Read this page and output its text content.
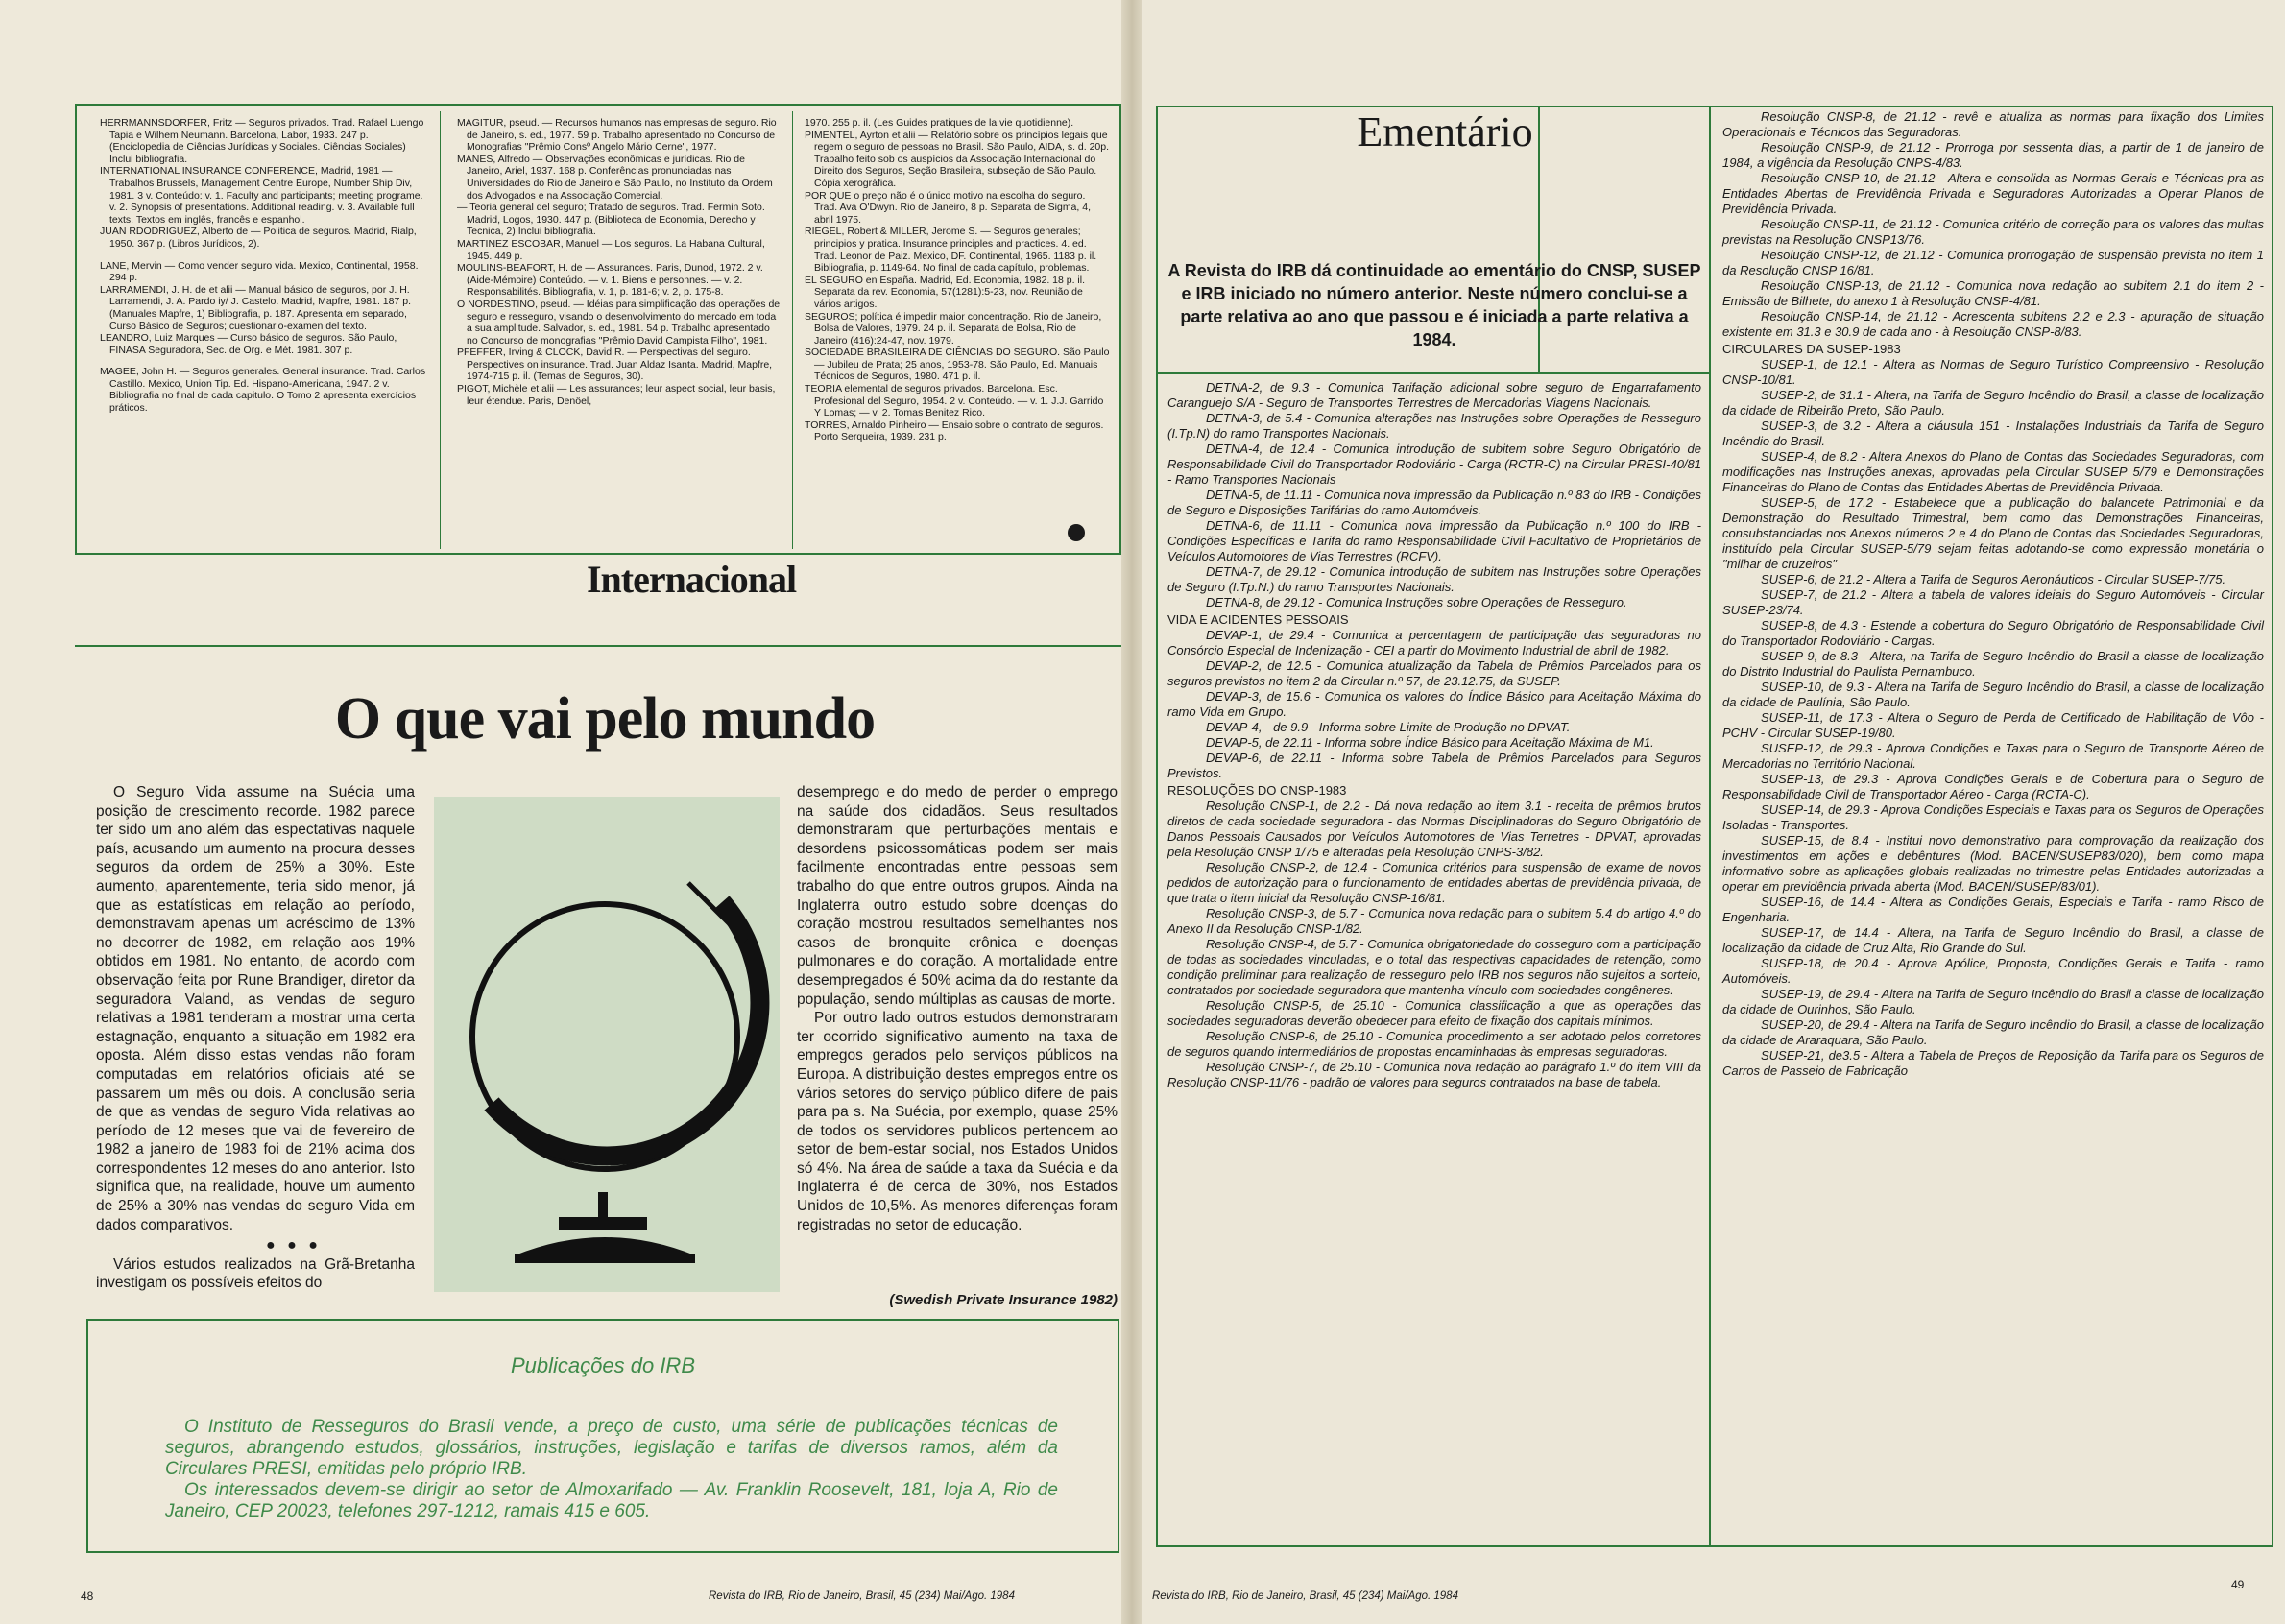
HERRMANNSDORFER, Fritz — Seguros privados. Trad. Rafael Luengo Tapia e Wilhem Neumann. Barcelona, Labor, 1933. 247 p. (Enciclopedia de Ciências Jurídicas y Sociales. Ciências Sociales) Inclui bibliografia.

INTERNATIONAL INSURANCE CONFERENCE, Madrid, 1981 — Trabalhos Brussels, Management Centre Europe, Number Ship Div, 1981. 3 v. Conteúdo: v. 1. Faculty and participants; meeting programe. v. 2. Synopsis of presentations. Additional reading. v. 3. Available full texts. Textos em inglês, francês e espanhol.

JUAN RDODRIGUEZ, Alberto de — Politica de seguros. Madrid, Rialp, 1950. 367 p. (Libros Jurídicos, 2).

LANE, Mervin — Como vender seguro vida. Mexico, Continental, 1958. 294 p.

LARRAMENDI, J. H. de et alii — Manual básico de seguros, por J. H. Larramendi, J. A. Pardo iy/ J. Castelo. Madrid, Mapfre, 1981. 187 p. (Manuales Mapfre, 1) Bibliografia, p. 187. Apresenta em separado, Curso Básico de Seguros; cuestionario-examen del texto.

LEANDRO, Luiz Marques — Curso básico de seguros. São Paulo, FINASA Seguradora, Sec. de Org. e Mét. 1981. 307 p.

MAGEE, John H. — Seguros generales. General insurance. Trad. Carlos Castillo. Mexico, Union Tip. Ed. Hispano-Americana, 1947. 2 v. Bibliografia no final de cada capitulo. O Tomo 2 apresenta exercícios práticos.

MAGITUR, pseud. — Recursos humanos nas empresas de seguro. Rio de Janeiro, s. ed., 1977. 59 p. Trabalho apresentado no Concurso de Monografias "Prêmio Consº Angelo Mário Cerne", 1977.

MANES, Alfredo — Observações econômicas e jurídicas. Rio de Janeiro, Ariel, 1937. 168 p. Conferências pronunciadas nas Universidades do Rio de Janeiro e São Paulo, no Instituto da Ordem dos Advogados e na Associação Comercial.

— Teoria general del seguro; Tratado de seguros. Trad. Fermin Soto. Madrid, Logos, 1930. 447 p. (Biblioteca de Economia, Derecho y Tecnica, 2) Inclui bibliografia.

MARTINEZ ESCOBAR, Manuel — Los seguros. La Habana Cultural, 1945. 449 p.

MOULINS-BEAFORT, H. de — Assurances. Paris, Dunod, 1972. 2 v. (Aide-Mémoire) Conteúdo. — v. 1. Biens e personnes. — v. 2. Responsabilités. Bibliografia, v. 1, p. 181-6; v. 2, p. 175-8.

O NORDESTINO, pseud. — Idéias para simplificação das operações de seguro e resseguro, visando o desenvolvimento do mercado em toda a sua amplitude. Salvador, s. ed., 1981. 54 p. Trabalho apresentado no Concurso de monografias "Prêmio David Campista Filho", 1981.

PFEFFER, Irving & CLOCK, David R. — Perspectivas del seguro. Perspectives on insurance. Trad. Juan Aldaz Isanta. Madrid, Mapfre, 1974-715 p. il. (Temas de Seguros, 30).

PIGOT, Michèle et alii — Les assurances; leur aspect social, leur basis, leur étendue. Paris, Denöel,

1970. 255 p. il. (Les Guides pratiques de la vie quotidienne).

PIMENTEL, Ayrton et alii — Relatório sobre os princípios legais que regem o seguro de pessoas no Brasil. São Paulo, AIDA, s. d. 20p. Trabalho feito sob os auspícios da Associação Internacional do Direito dos Seguros, Seção Brasileira, subseção de São Paulo. Cópia xerográfica.

POR QUE o preço não é o único motivo na escolha do seguro. Trad. Ava O'Dwyn. Rio de Janeiro, 8 p. Separata de Sigma, 4, abril 1975.

RIEGEL, Robert & MILLER, Jerome S. — Seguros generales; principios y pratica. Insurance principles and practices. 4. ed. Trad. Leonor de Paiz. Mexico, DF. Continental, 1965. 1183 p. il. Bibliografia, p. 1149-64. No final de cada capítulo, problemas.

EL SEGURO en España. Madrid, Ed. Economia, 1982. 18 p. il. Separata da rev. Economia, 57(1281):5-23, nov. Reunião de vários artigos.

SEGUROS; política é impedir maior concentração. Rio de Janeiro, Bolsa de Valores, 1979. 24 p. il. Separata de Bolsa, Rio de Janeiro (416):24-47, nov. 1979.

SOCIEDADE BRASILEIRA DE CIÊNCIAS DO SEGURO. São Paulo — Jubileu de Prata; 25 anos, 1953-78. São Paulo, Ed. Manuais Técnicos de Seguros, 1980. 471 p. il.

TEORIA elemental de seguros privados. Barcelona. Esc. Profesional del Seguro, 1954. 2 v. Conteúdo. — v. 1. J.J. Garrido Y Lomas; — v. 2. Tomas Benitez Rico.

TORRES, Arnaldo Pinheiro — Ensaio sobre o contrato de seguros. Porto Serqueira, 1939. 231 p.

Internacional
O que vai pelo mundo

O Seguro Vida assume na Suécia uma posição de crescimento recorde. 1982 parece ter sido um ano além das espectativas naquele país, acusando um aumento na procura desses seguros da ordem de 25% a 30%. Este aumento, aparentemente, teria sido menor, já que as estatísticas em relação ao período, demonstravam apenas um acréscimo de 13% no decorrer de 1982, em relação aos 19% obtidos em 1981. No entanto, de acordo com observação feita por Rune Brandiger, diretor da seguradora Valand, as vendas de seguro relativas a 1981 tenderam a mostrar uma certa estagnação, enquanto a situação em 1982 era oposta. Além disso estas vendas não foram computadas em relatórios oficiais até se passarem um mês ou dois. A conclusão seria de que as vendas de seguro Vida relativas ao período de 12 meses que vai de fevereiro de 1982 a janeiro de 1983 foi de 21% acima dos correspondentes 12 meses do ano anterior. Isto significa que, na realidade, houve um aumento de 25% a 30% nas vendas do seguro Vida em dados comparativos.

● ● ●

Vários estudos realizados na Grã-Bretanha investigam os possíveis efeitos do

desemprego e do medo de perder o emprego na saúde dos cidadãos. Seus resultados demonstraram que perturbações mentais e desordens psicossomáticas podem ser mais facilmente encontradas entre pessoas sem trabalho do que entre outros grupos. Ainda na Inglaterra outro estudo sobre doenças do coração mostrou resultados semelhantes nos casos de bronquite crônica e doenças pulmonares e do coração. A mortalidade entre desempregados é 50% acima da do restante da população, sendo múltiplas as causas de morte.

Por outro lado outros estudos demonstraram ter ocorrido significativo aumento na taxa de empregos gerados pelo serviços públicos na Europa. A distribuição destes empregos entre os vários setores do serviço público difere de pais para pa s. Na Suécia, por exemplo, quase 25% de todos os servidores publicos pertencem ao setor de bem-estar social, nos Estados Unidos só 4%. Na área de saúde a taxa da Suécia e da Inglaterra é de cerca de 30%, nos Estados Unidos de 10,5%. As menores diferenças foram registradas no setor de educação.

(Swedish Private Insurance 1982)
Publicações do IRB

O Instituto de Resseguros do Brasil vende, a preço de custo, uma série de publicações técnicas de seguros, abrangendo estudos, glossários, instruções, legislação e tarifas de diversos ramos, além da Circulares PRESI, emitidas pelo próprio IRB.

Os interessados devem-se dirigir ao setor de Almoxarifado — Av. Franklin Roosevelt, 181, loja A, Rio de Janeiro, CEP 20023, telefones 297-1212, ramais 415 e 605.

48	Revista do IRB, Rio de Janeiro, Brasil, 45 (234) Mai/Ago. 1984
Ementário
A Revista do IRB dá continuidade ao ementário do CNSP, SUSEP e IRB iniciado no número anterior. Neste número conclui-se a parte relativa ao ano que passou e é iniciada a parte relativa a 1984.

DETNA-2, de 9.3 - Comunica Tarifação adicional sobre seguro de Engarrafamento Caranguejo S/A - Seguro de Transportes Terrestres de Mercadorias Viagens Nacionais.

DETNA-3, de 5.4 - Comunica alterações nas Instruções sobre Operações de Resseguro (I.Tp.N) do ramo Transportes Nacionais.

DETNA-4, de 12.4 - Comunica introdução de subitem sobre Seguro Obrigatório de Responsabilidade Civil do Transportador Rodoviário - Carga (RCTR-C) na Circular PRESI-40/81 - Ramo Transportes Nacionais

DETNA-5, de 11.11 - Comunica nova impressão da Publicação n.º 83 do IRB - Condições de Seguro e Disposições Tarifárias do ramo Automóveis.

DETNA-6, de 11.11 - Comunica nova impressão da Publicação n.º 100 do IRB - Condições Específicas e Tarifa do ramo Responsabilidade Civil Facultativo de Proprietários de Veículos Automotores de Vias Terrestres (RCFV).

DETNA-7, de 29.12 - Comunica introdução de subitem nas Instruções sobre Operações de Seguro (I.Tp.N.) do ramo Transportes Nacionais.

DETNA-8, de 29.12 - Comunica Instruções sobre Operações de Resseguro.

VIDA E ACIDENTES PESSOAIS

DEVAP-1, de 29.4 - Comunica a percentagem de participação das seguradoras no Consórcio Especial de Indenização - CEI a partir do Movimento Industrial de abril de 1982.

DEVAP-2, de 12.5 - Comunica atualização da Tabela de Prêmios Parcelados para os seguros previstos no item 2 da Circular n.º 57, de 23.12.75, da SUSEP.

DEVAP-3, de 15.6 - Comunica os valores do Índice Básico para Aceitação Máxima do ramo Vida em Grupo.

DEVAP-4, - de 9.9 - Informa sobre Limite de Produção no DPVAT.

DEVAP-5, de 22.11 - Informa sobre Índice Básico para Aceitação Máxima de M1.

DEVAP-6, de 22.11 - Informa sobre Tabela de Prêmios Parcelados para Seguros Previstos.

RESOLUÇÕES DO CNSP-1983

Resolução CNSP-1, de 2.2 - Dá nova redação ao item 3.1 - receita de prêmios brutos diretos de cada sociedade seguradora - das Normas Disciplinadoras do Seguro Obrigatório de Danos Pessoais Causados por Veículos Automotores de Vias Terretres - DPVAT, aprovadas pela Resolução CNSP 1/75 e alteradas pela Resolução CNPS-3/82.

Resolução CNSP-2, de 12.4 - Comunica critérios para suspensão de exame de novos pedidos de autorização para o funcionamento de entidades abertas de previdência privada, de que trata o item inicial da Resolução CNSP-16/81.

Resolução CNSP-3, de 5.7 - Comunica nova redação para o subitem 5.4 do artigo 4.º do Anexo II da Resolução CNSP-1/82.

Resolução CNSP-4, de 5.7 - Comunica obrigatoriedade do cosseguro com a participação de todas as sociedades vinculadas, e o total das respectivas capacidades de retenção, como condição preliminar para realização de resseguro pelo IRB nos seguros não sujeitos a sorteio, contratados por sociedade seguradora que mantenha vínculo com sociedades congêneres.

Resolução CNSP-5, de 25.10 - Comunica classificação a que as operações das sociedades seguradoras deverão obedecer para efeito de fixação dos capitais mínimos.

Resolução CNSP-6, de 25.10 - Comunica procedimento a ser adotado pelos corretores de seguros quando intermediários de propostas encaminhadas às empresas seguradoras.

Resolução CNSP-7, de 25.10 - Comunica nova redação ao parágrafo 1.º do item VIII da Resolução CNSP-11/76 - padrão de valores para seguros contratados na base de tabela.

Resolução CNSP-8, de 21.12 - revê e atualiza as normas para fixação dos Limites Operacionais e Técnicos das Seguradoras.

Resolução CNSP-9, de 21.12 - Prorroga por sessenta dias, a partir de 1 de janeiro de 1984, a vigência da Resolução CNPS-4/83.

Resolução CNSP-10, de 21.12 - Altera e consolida as Normas Gerais e Técnicas pra as Entidades Abertas de Previdência Privada e Seguradoras Autorizadas a Operar Planos de Previdência Privada.

Resolução CNSP-11, de 21.12 - Comunica critério de correção para os valores das multas previstas na Resolução CNSP13/76.

Resolução CNSP-12, de 21.12 - Comunica prorrogação de suspensão prevista no item 1 da Resolução CNSP 16/81.

Resolução CNSP-13, de 21.12 - Comunica nova redação ao subitem 2.1 do item 2 - Emissão de Bilhete, do anexo 1 à Resolução CNSP-4/81.

Resolução CNSP-14, de 21.12 - Acrescenta subitens 2.2 e 2.3 - apuração de situação existente em 31.3 e 30.9 de cada ano - à Resolução CNSP-8/83.

CIRCULARES DA SUSEP-1983

SUSEP-1, de 12.1 - Altera as Normas de Seguro Turístico Compreensivo - Resolução CNSP-10/81.

SUSEP-2, de 31.1 - Altera, na Tarifa de Seguro Incêndio do Brasil, a classe de localização da cidade de Ribeirão Preto, São Paulo.

SUSEP-3, de 3.2 - Altera a cláusula 151 - Instalações Industriais da Tarifa de Seguro Incêndio do Brasil.

SUSEP-4, de 8.2 - Altera Anexos do Plano de Contas das Sociedades Seguradoras, com modificações nas Instruções anexas, aprovadas pela Circular SUSEP 5/79 e Demonstrações Financeiras do Plano de Contas das Entidades Abertas de Previdência Privada.

SUSEP-5, de 17.2 - Estabelece que a publicação do balancete Patrimonial e da Demonstração do Resultado Trimestral, bem como das Demonstrações Financeiras, consubstanciadas nos Anexos números 2 e 4 do Plano de Contas das Sociedades Seguradoras, instituído pela Circular SUSEP-5/79 sejam feitas adotando-se como expressão monetária o "milhar de cruzeiros"

SUSEP-6, de 21.2 - Altera a Tarifa de Seguros Aeronáuticos - Circular SUSEP-7/75.

SUSEP-7, de 21.2 - Altera a tabela de valores ideiais do Seguro Automóveis - Circular SUSEP-23/74.

SUSEP-8, de 4.3 - Estende a cobertura do Seguro Obrigatório de Responsabilidade Civil do Transportador Rodoviário - Cargas.

SUSEP-9, de 8.3 - Altera, na Tarifa de Seguro Incêndio do Brasil a classe de localização do Distrito Industrial do Paulista Pernambuco.

SUSEP-10, de 9.3 - Altera na Tarifa de Seguro Incêndio do Brasil, a classe de localização da cidade de Paulínia, São Paulo.

SUSEP-11, de 17.3 - Altera o Seguro de Perda de Certificado de Habilitação de Vôo - PCHV - Circular SUSEP-19/80.

SUSEP-12, de 29.3 - Aprova Condições e Taxas para o Seguro de Transporte Aéreo de Mercadorias no Território Nacional.

SUSEP-13, de 29.3 - Aprova Condições Gerais e de Cobertura para o Seguro de Responsabilidade Civil de Transportador Aéreo - Carga (RCTA-C).

SUSEP-14, de 29.3 - Aprova Condições Especiais e Taxas para os Seguros de Operações Isoladas - Transportes.

SUSEP-15, de 8.4 - Institui novo demonstrativo para comprovação da realização dos investimentos em ações e debêntures (Mod. BACEN/SUSEP83/020), bem como mapa informativo sobre as aplicações globais realizadas no trimestre pelas Entidades autorizadas a operar em previdência privada aberta (Mod. BACEN/SUSEP/83/01).

SUSEP-16, de 14.4 - Altera as Condições Gerais, Especiais e Tarifa - ramo Risco de Engenharia.

SUSEP-17, de 14.4 - Altera, na Tarifa de Seguro Incêndio do Brasil, a classe de localização da cidade de Cruz Alta, Rio Grande do Sul.

SUSEP-18, de 20.4 - Aprova Apólice, Proposta, Condições Gerais e Tarifa - ramo Automóveis.

SUSEP-19, de 29.4 - Altera na Tarifa de Seguro Incêndio do Brasil a classe de localização da cidade de Ourinhos, São Paulo.

SUSEP-20, de 29.4 - Altera na Tarifa de Seguro Incêndio do Brasil, a classe de localização da cidade de Araraquara, São Paulo.

SUSEP-21, de3.5 - Altera a Tabela de Preços de Reposição da Tarifa para os Seguros de Carros de Passeio de Fabricação

Revista do IRB, Rio de Janeiro, Brasil, 45 (234) Mai/Ago. 1984
49
